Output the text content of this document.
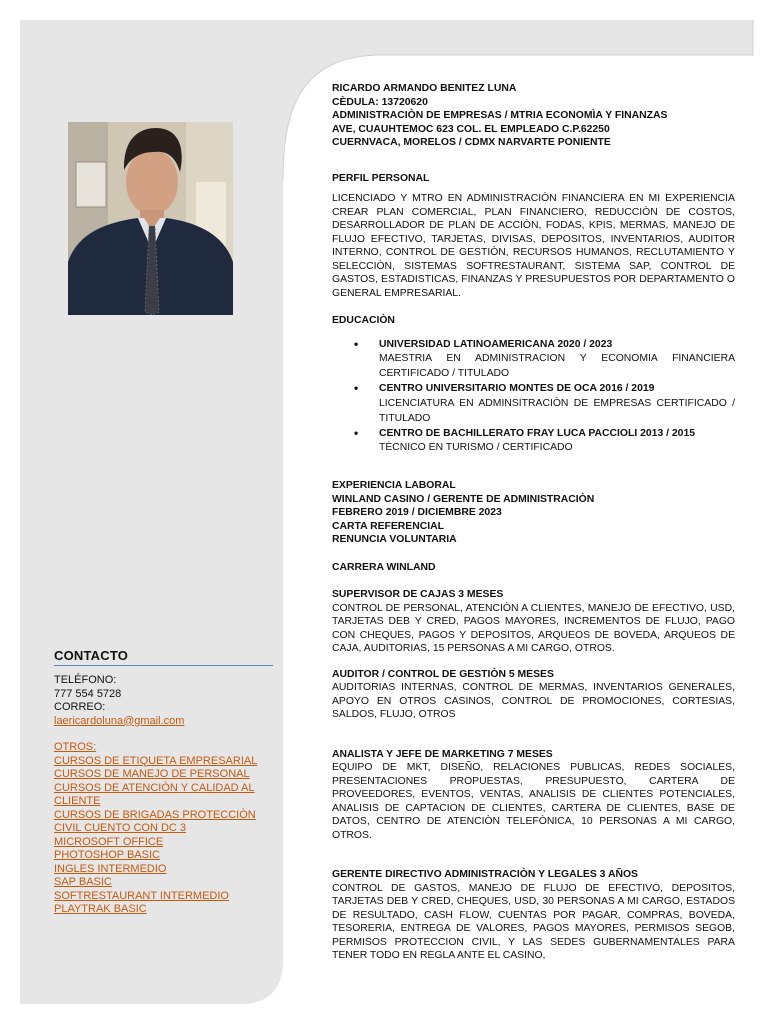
CONTACTO
TELÉFONO:
777 554 5728
CORREO:
laericardoluna@gmail.com
OTROS:
CURSOS DE ETIQUETA EMPRESARIAL
CURSOS DE MANEJO DE PERSONAL
CURSOS DE ATENCIÒN Y CALIDAD AL
CLIENTE
CURSOS DE BRIGADAS PROTECCIÒN
CIVIL CUENTO CON DC 3
MICROSOFT OFFICE
PHOTOSHOP BASIC
INGLES INTERMEDIO
SAP BASIC
SOFTRESTAURANT INTERMEDIO
PLAYTRAK BASIC
RICARDO ARMANDO BENITEZ LUNA
CÈDULA: 13720620
ADMINISTRACIÒN DE EMPRESAS / MTRIA ECONOMÌA Y FINANZAS
AVE, CUAUHTEMOC 623 COL. EL EMPLEADO C.P.62250
CUERNVACA, MORELOS / CDMX NARVARTE PONIENTE
PERFIL PERSONAL
LICENCIADO Y MTRO EN ADMINISTRACIÒN FINANCIERA EN MI EXPERIENCIA CREAR PLAN COMERCIAL, PLAN FINANCIERO, REDUCCIÒN DE COSTOS, DESARROLLADOR DE PLAN DE ACCIÒN, FODAS, KPIS, MERMAS, MANEJO DE FLUJO EFECTIVO, TARJETAS, DIVISAS, DEPOSITOS, INVENTARIOS, AUDITOR INTERNO, CONTROL DE GESTIÒN, RECURSOS HUMANOS, RECLUTAMIENTO Y SELECCIÒN, SISTEMAS SOFTRESTAURANT, SISTEMA SAP, CONTROL DE GASTOS, ESTADISTICAS, FINANZAS Y PRESUPUESTOS POR DEPARTAMENTO O GENERAL EMPRESARIAL.
EDUCACIÒN
• UNIVERSIDAD LATINOAMERICANA 2020 / 2023
MAESTRIA EN ADMINISTRACION Y ECONOMIA FINANCIERA CERTIFICADO / TITULADO
• CENTRO UNIVERSITARIO MONTES DE OCA 2016 / 2019
LICENCIATURA EN ADMINSITRACIÒN DE EMPRESAS CERTIFICADO / TITULADO
• CENTRO DE BACHILLERATO FRAY LUCA PACCIOLI 2013 / 2015
TÈCNICO EN TURISMO / CERTIFICADO
EXPERIENCIA LABORAL
WINLAND CASINO / GERENTE DE ADMINISTRACIÒN
FEBRERO 2019 / DICIEMBRE 2023
CARTA REFERENCIAL
RENUNCIA VOLUNTARIA
CARRERA WINLAND
SUPERVISOR DE CAJAS 3 MESES
CONTROL DE PERSONAL, ATENCIÒN A CLIENTES, MANEJO DE EFECTIVO, USD, TARJETAS DEB Y CRED, PAGOS MAYORES, INCREMENTOS DE FLUJO, PAGO CON CHEQUES, PAGOS Y DEPOSITOS, ARQUEOS DE BOVEDA, ARQUEOS DE CAJA, AUDITORIAS, 15 PERSONAS A MI CARGO, OTROS.
AUDITOR / CONTROL DE GESTIÒN 5 MESES
AUDITORIAS INTERNAS, CONTROL DE MERMAS, INVENTARIOS GENERALES, APOYO EN OTROS CASINOS, CONTROL DE PROMOCIONES, CORTESIAS, SALDOS, FLUJO, OTROS
ANALISTA Y JEFE DE MARKETING 7 MESES
EQUIPO DE MKT, DISEÑO, RELACIONES PUBLICAS, REDES SOCIALES, PRESENTACIONES PROPUESTAS, PRESUPUESTO, CARTERA DE PROVEEDORES, EVENTOS, VENTAS, ANALISIS DE CLIENTES POTENCIALES, ANALISIS DE CAPTACION DE CLIENTES, CARTERA DE CLIENTES, BASE DE DATOS, CENTRO DE ATENCIÒN TELEFÒNICA, 10 PERSONAS A MI CARGO, OTROS.
GERENTE DIRECTIVO ADMINISTRACIÒN Y LEGALES 3 AÑOS
CONTROL DE GASTOS, MANEJO DE FLUJO DE EFECTIVO, DEPOSITOS, TARJETAS DEB Y CRED, CHEQUES, USD, 30 PERSONAS A MI CARGO, ESTADOS DE RESULTADO, CASH FLOW, CUENTAS POR PAGAR, COMPRAS, BOVEDA, TESORERIA, ENTREGA DE VALORES, PAGOS MAYORES, PERMISOS SEGOB, PERMISOS PROTECCION CIVIL, Y LAS SEDES GUBERNAMENTALES PARA TENER TODO EN REGLA ANTE EL CASINO,
